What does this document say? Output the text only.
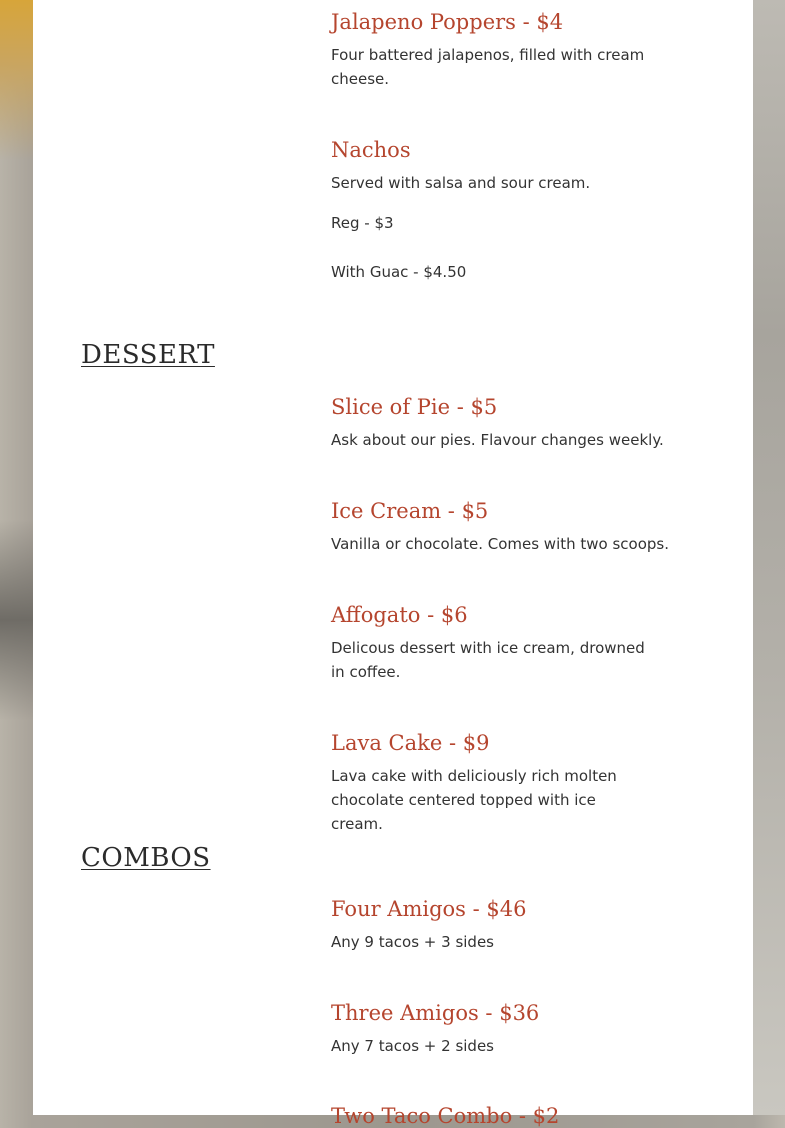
Jalapeno Poppers - $4

Four battered jalapenos, filled with cream cheese.

Nachos

Served with salsa and sour cream.

Reg - $3

With Guac - $4.50

DESSERT
Slice of Pie - $5

Ask about our pies. Flavour changes weekly.

Ice Cream - $5

Vanilla or chocolate. Comes with two scoops.

Affogato - $6

Delicous dessert with ice cream, drowned in coffee.

Lava Cake - $9

Lava cake with deliciously rich molten chocolate centered topped with ice cream.

COMBOS
Four Amigos - $46

Any 9 tacos + 3 sides

Three Amigos - $36

Any 7 tacos + 2 sides

Two Taco Combo - $2
